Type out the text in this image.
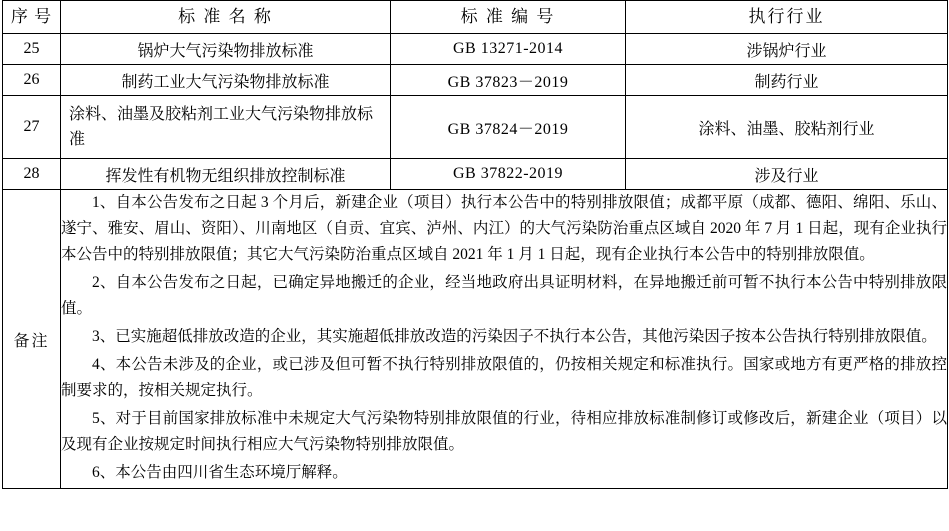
序 号	标 准 名 称	标 准 编 号	执行行业
25	锅炉大气污染物排放标准	GB 13271-2014	涉锅炉行业
26	制药工业大气污染物排放标准	GB 37823－2019	制药行业
27	涂料、油墨及胶粘剂工业大气污染物排放标准	GB 37824－2019	涂料、油墨、胶粘剂行业
28	挥发性有机物无组织排放控制标准	GB 37822-2019	涉及行业
备注	

1、自本公告发布之日起 3 个月后，新建企业（项目）执行本公告中的特别排放限值；成都平原（成都、德阳、绵阳、乐山、遂宁、雅安、眉山、资阳）、川南地区（自贡、宜宾、泸州、内江）的大气污染防治重点区域自 2020 年 7 月 1 日起，现有企业执行本公告中的特别排放限值；其它大气污染防治重点区域自 2021 年 1 月 1 日起，现有企业执行本公告中的特别排放限值。

2、自本公告发布之日起，已确定异地搬迁的企业，经当地政府出具证明材料，在异地搬迁前可暂不执行本公告中特别排放限值。

3、已实施超低排放改造的企业，其实施超低排放改造的污染因子不执行本公告，其他污染因子按本公告执行特别排放限值。

4、本公告未涉及的企业，或已涉及但可暂不执行特别排放限值的，仍按相关规定和标准执行。国家或地方有更严格的排放控制要求的，按相关规定执行。

5、对于目前国家排放标准中未规定大气污染物特别排放限值的行业，待相应排放标准制修订或修改后，新建企业（项目）以及现有企业按规定时间执行相应大气污染物特别排放限值。

6、本公告由四川省生态环境厅解释。
